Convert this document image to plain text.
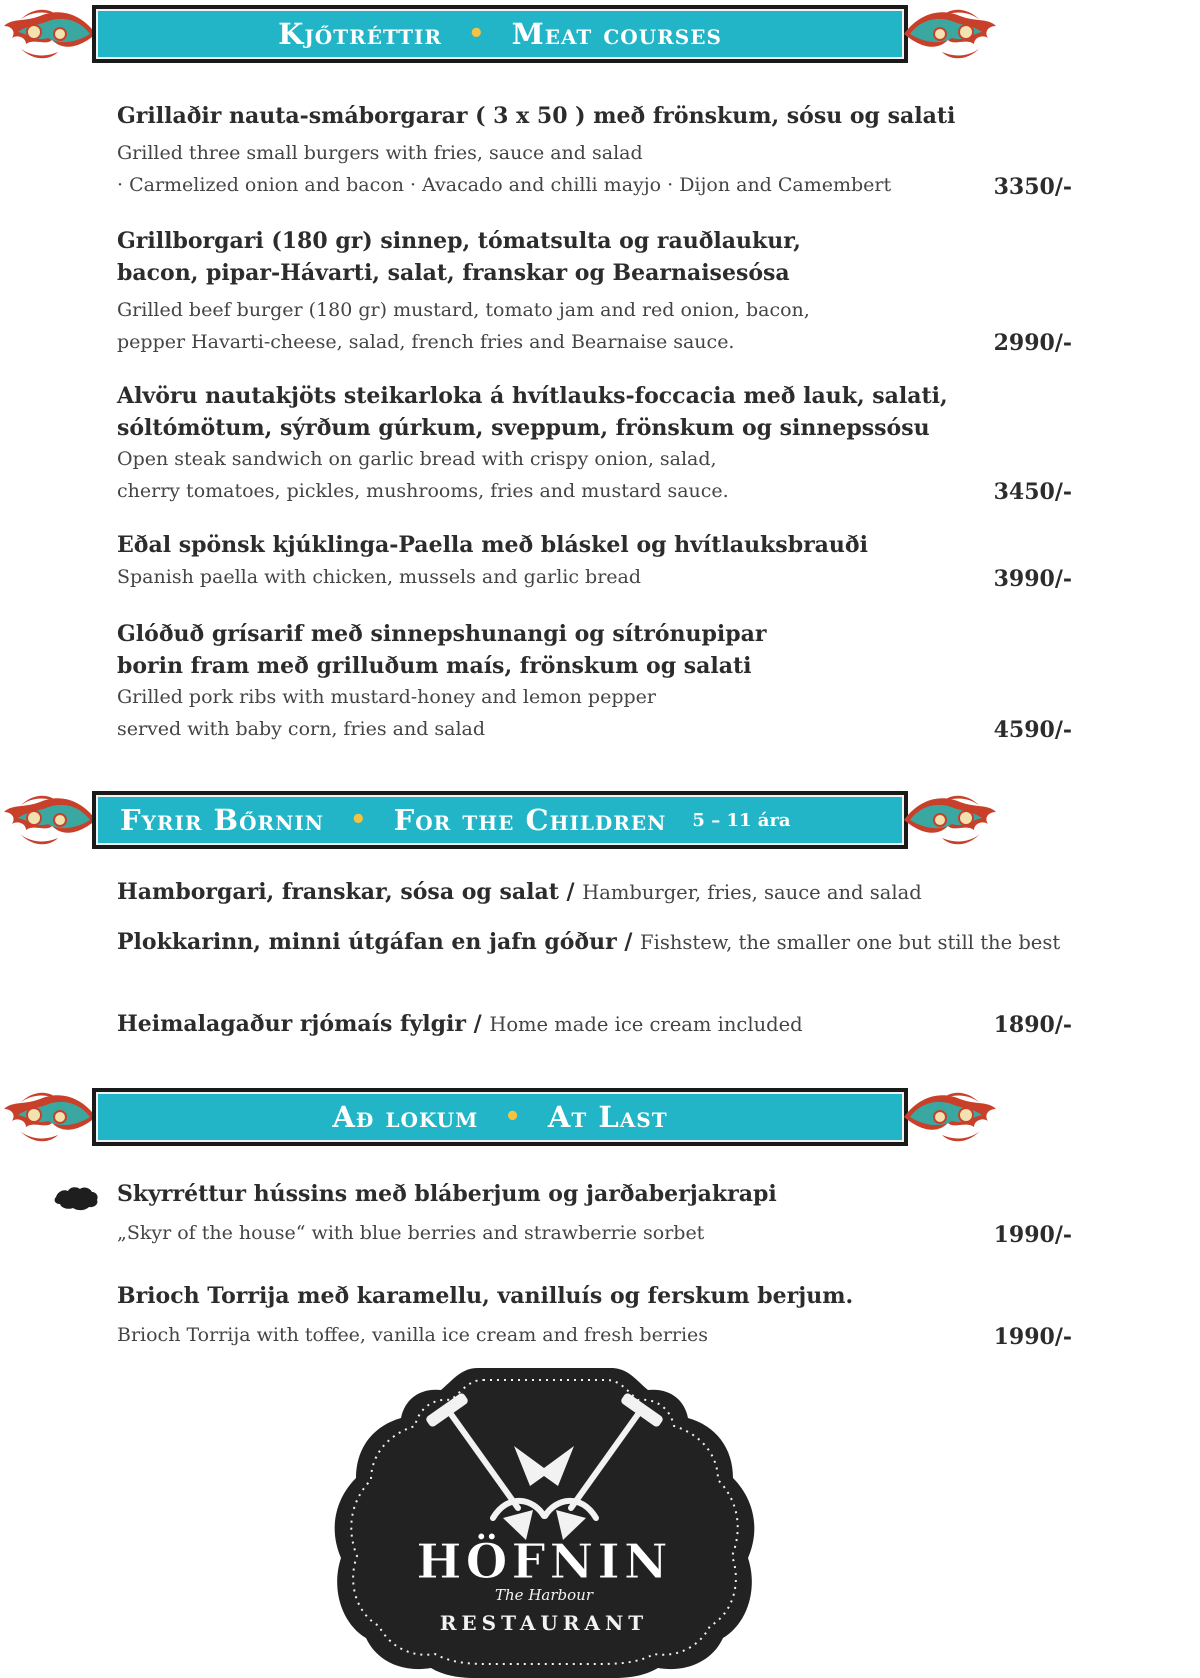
Kjőtréttir • Meat courses
Grillaðir nauta-smáborgarar ( 3 x 50 ) með frönskum, sósu og salati
Grilled three small burgers with fries, sauce and salad
· Carmelized onion and bacon · Avacado and chilli mayjo · Dijon and Camembert	3350/-
Grillborgari (180 gr) sinnep, tómatsulta og rauðlaukur,
bacon, pipar-Hávarti, salat, franskar og Bearnaisesósa
Grilled beef burger (180 gr) mustard, tomato jam and red onion, bacon,
pepper Havarti-cheese, salad, french fries and Bearnaise sauce.	2990/-
Alvöru nautakjöts steikarloka á hvítlauks-foccacia með lauk, salati,
sóltómötum, sýrðum gúrkum, sveppum, frönskum og sinnepssósu
Open steak sandwich on garlic bread with crispy onion, salad,
cherry tomatoes, pickles, mushrooms, fries and mustard sauce.	3450/-
Eðal spönsk kjúklinga-Paella með bláskel og hvítlauksbrauði
Spanish paella with chicken, mussels and garlic bread	3990/-
Glóðuð grísarif með sinnepshunangi og sítrónupipar
borin fram með grilluðum maís, frönskum og salati
Grilled pork ribs with mustard-honey and lemon pepper
served with baby corn, fries and salad	4590/-
Fyrir Bőrnin • For the Children 5 – 11 ára
Hamborgari, franskar, sósa og salat / Hamburger, fries, sauce and salad
Plokkarinn, minni útgáfan en jafn góður / Fishstew, the smaller one but still the best
Heimalagaður rjómaís fylgir / Home made ice cream included	1890/-
Að lokum • At Last
Skyrréttur hússins með bláberjum og jarðaberjakrapi
„Skyr of the house“ with blue berries and strawberrie sorbet	1990/-
Brioch Torrija með karamellu, vanilluís og ferskum berjum.
Brioch Torrija with toffee, vanilla ice cream and fresh berries	1990/-
HÖFNIN
The Harbour
RESTAURANT
